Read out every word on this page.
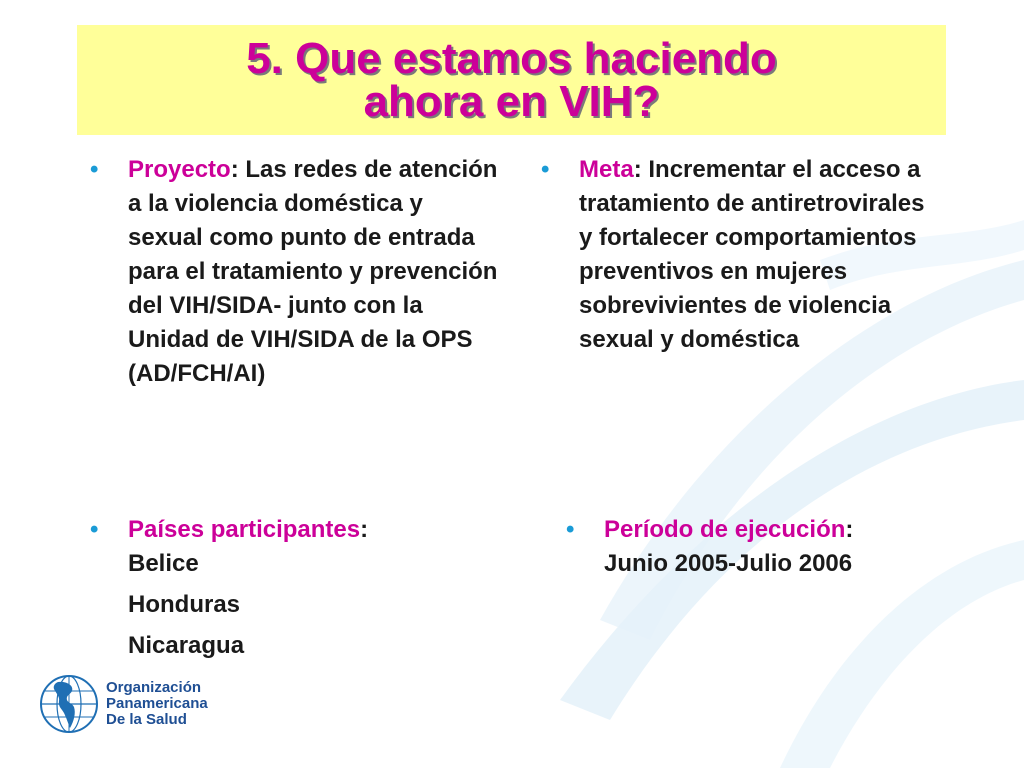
5. Que estamos haciendo
ahora en VIH?
• Proyecto: Las redes de atención a la violencia doméstica y sexual como punto de entrada para el tratamiento y prevención del VIH/SIDA- junto con la Unidad de VIH/SIDA de la OPS (AD/FCH/AI)
• Países participantes:
Belice
Honduras
Nicaragua
• Meta: Incrementar el acceso a tratamiento de antiretrovirales y fortalecer comportamientos preventivos en mujeres sobrevivientes de violencia sexual y doméstica
• Período de ejecución:
Junio 2005-Julio 2006
Organización
Panamericana
De la Salud
